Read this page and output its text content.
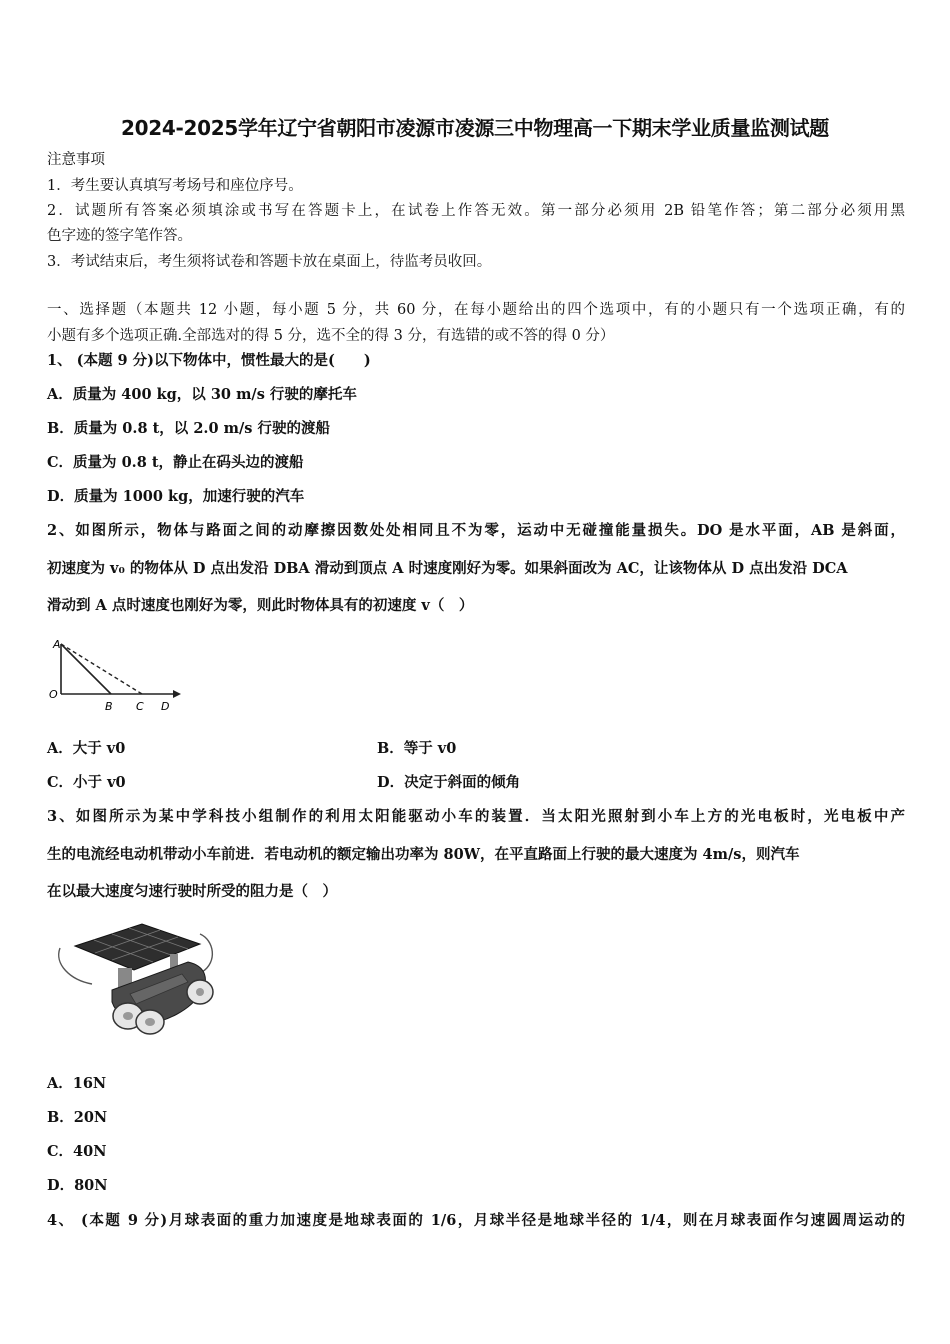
2024-2025学年辽宁省朝阳市凌源市凌源三中物理高一下期末学业质量监测试题
注意事项
1．考生要认真填写考场号和座位序号。
2．试题所有答案必须填涂或书写在答题卡上，在试卷上作答无效。第一部分必须用 2B 铅笔作答；第二部分必须用黑
色字迹的签字笔作答。
3．考试结束后，考生须将试卷和答题卡放在桌面上，待监考员收回。
一、选择题（本题共 12 小题，每小题 5 分，共 60 分，在每小题给出的四个选项中，有的小题只有一个选项正确，有的
小题有多个选项正确.全部选对的得 5 分，选不全的得 3 分，有选错的或不答的得 0 分）
1、 (本题 9 分)以下物体中，惯性最大的是(　　)
A．质量为 400 kg，以 30 m/s 行驶的摩托车
B．质量为 0.8 t，以 2.0 m/s 行驶的渡船
C．质量为 0.8 t，静止在码头边的渡船
D．质量为 1000 kg，加速行驶的汽车
2、如图所示，物体与路面之间的动摩擦因数处处相同且不为零，运动中无碰撞能量损失。DO 是水平面，AB 是斜面，
初速度为 v₀ 的物体从 D 点出发沿 DBA 滑动到顶点 A 时速度刚好为零。如果斜面改为 AC，让该物体从 D 点出发沿 DCA
滑动到 A 点时速度也刚好为零，则此时物体具有的初速度 v（　）
A
O
B C D
A．大于 v0	B．等于 v0
C．小于 v0	D．决定于斜面的倾角
3、如图所示为某中学科技小组制作的利用太阳能驱动小车的装置．当太阳光照射到小车上方的光电板时，光电板中产
生的电流经电动机带动小车前进．若电动机的额定输出功率为 80W，在平直路面上行驶的最大速度为 4m/s，则汽车
在以最大速度匀速行驶时所受的阻力是（　）
A．16N
B．20N
C．40N
D．80N
4、 (本题 9 分)月球表面的重力加速度是地球表面的 1/6，月球半径是地球半径的 1/4，则在月球表面作匀速圆周运动的
